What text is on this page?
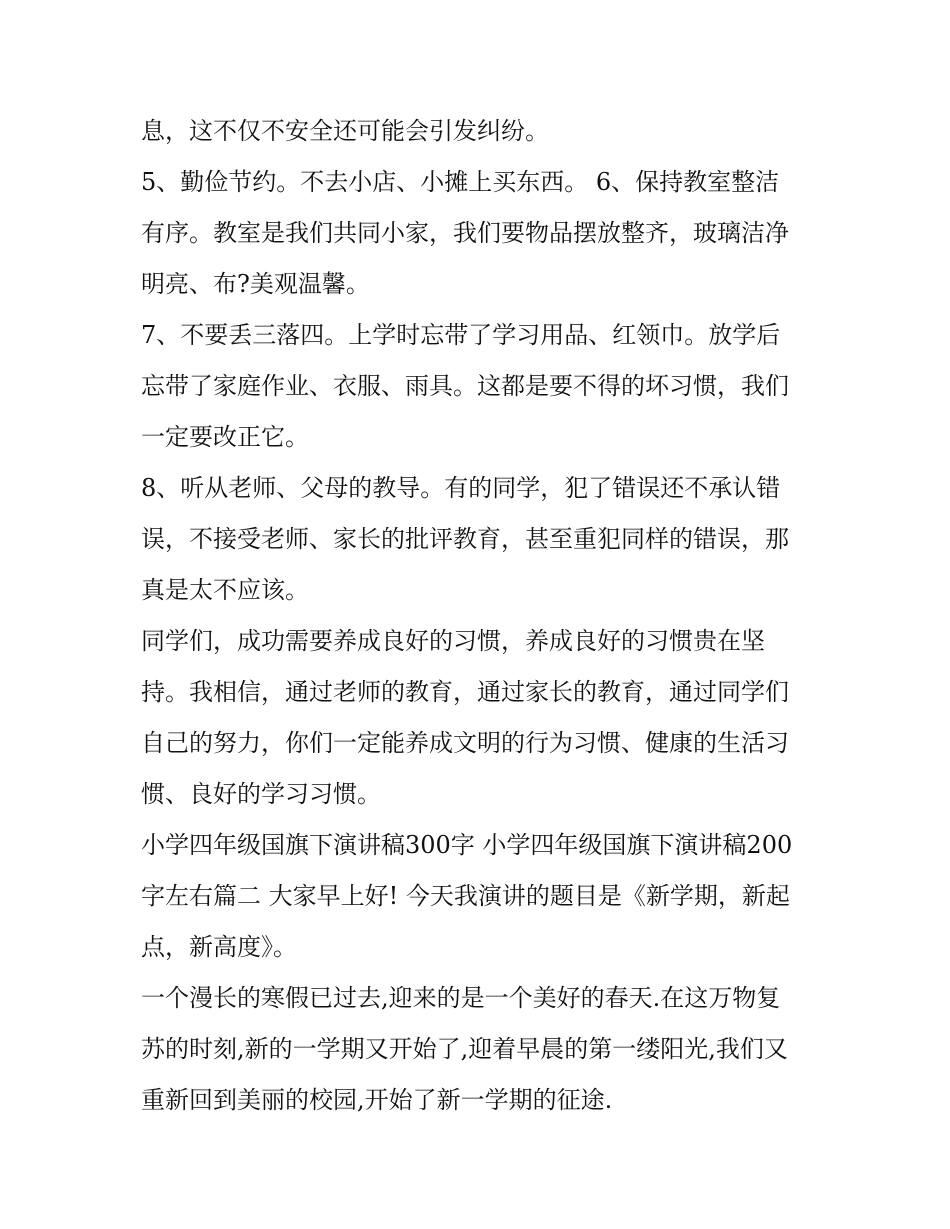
息，这不仅不安全还可能会引发纠纷。

5、勤俭节约。不去小店、小摊上买东西。 6、保持教室整洁
有序。教室是我们共同小家，我们要物品摆放整齐，玻璃洁净
明亮、布?美观温馨。

7、不要丢三落四。上学时忘带了学习用品、红领巾。放学后
忘带了家庭作业、衣服、雨具。这都是要不得的坏习惯，我们
一定要改正它。

8、听从老师、父母的教导。有的同学，犯了错误还不承认错
误，不接受老师、家长的批评教育，甚至重犯同样的错误，那
真是太不应该。

同学们，成功需要养成良好的习惯，养成良好的习惯贵在坚
持。我相信，通过老师的教育，通过家长的教育，通过同学们
自己的努力，你们一定能养成文明的行为习惯、健康的生活习
惯、良好的学习习惯。

小学四年级国旗下演讲稿300字 小学四年级国旗下演讲稿200
字左右篇二 大家早上好! 今天我演讲的题目是《新学期，新起
点，新高度》。

一个漫长的寒假已过去,迎来的是一个美好的春天.在这万物复
苏的时刻,新的一学期又开始了,迎着早晨的第一缕阳光,我们又
重新回到美丽的校园,开始了新一学期的征途.
